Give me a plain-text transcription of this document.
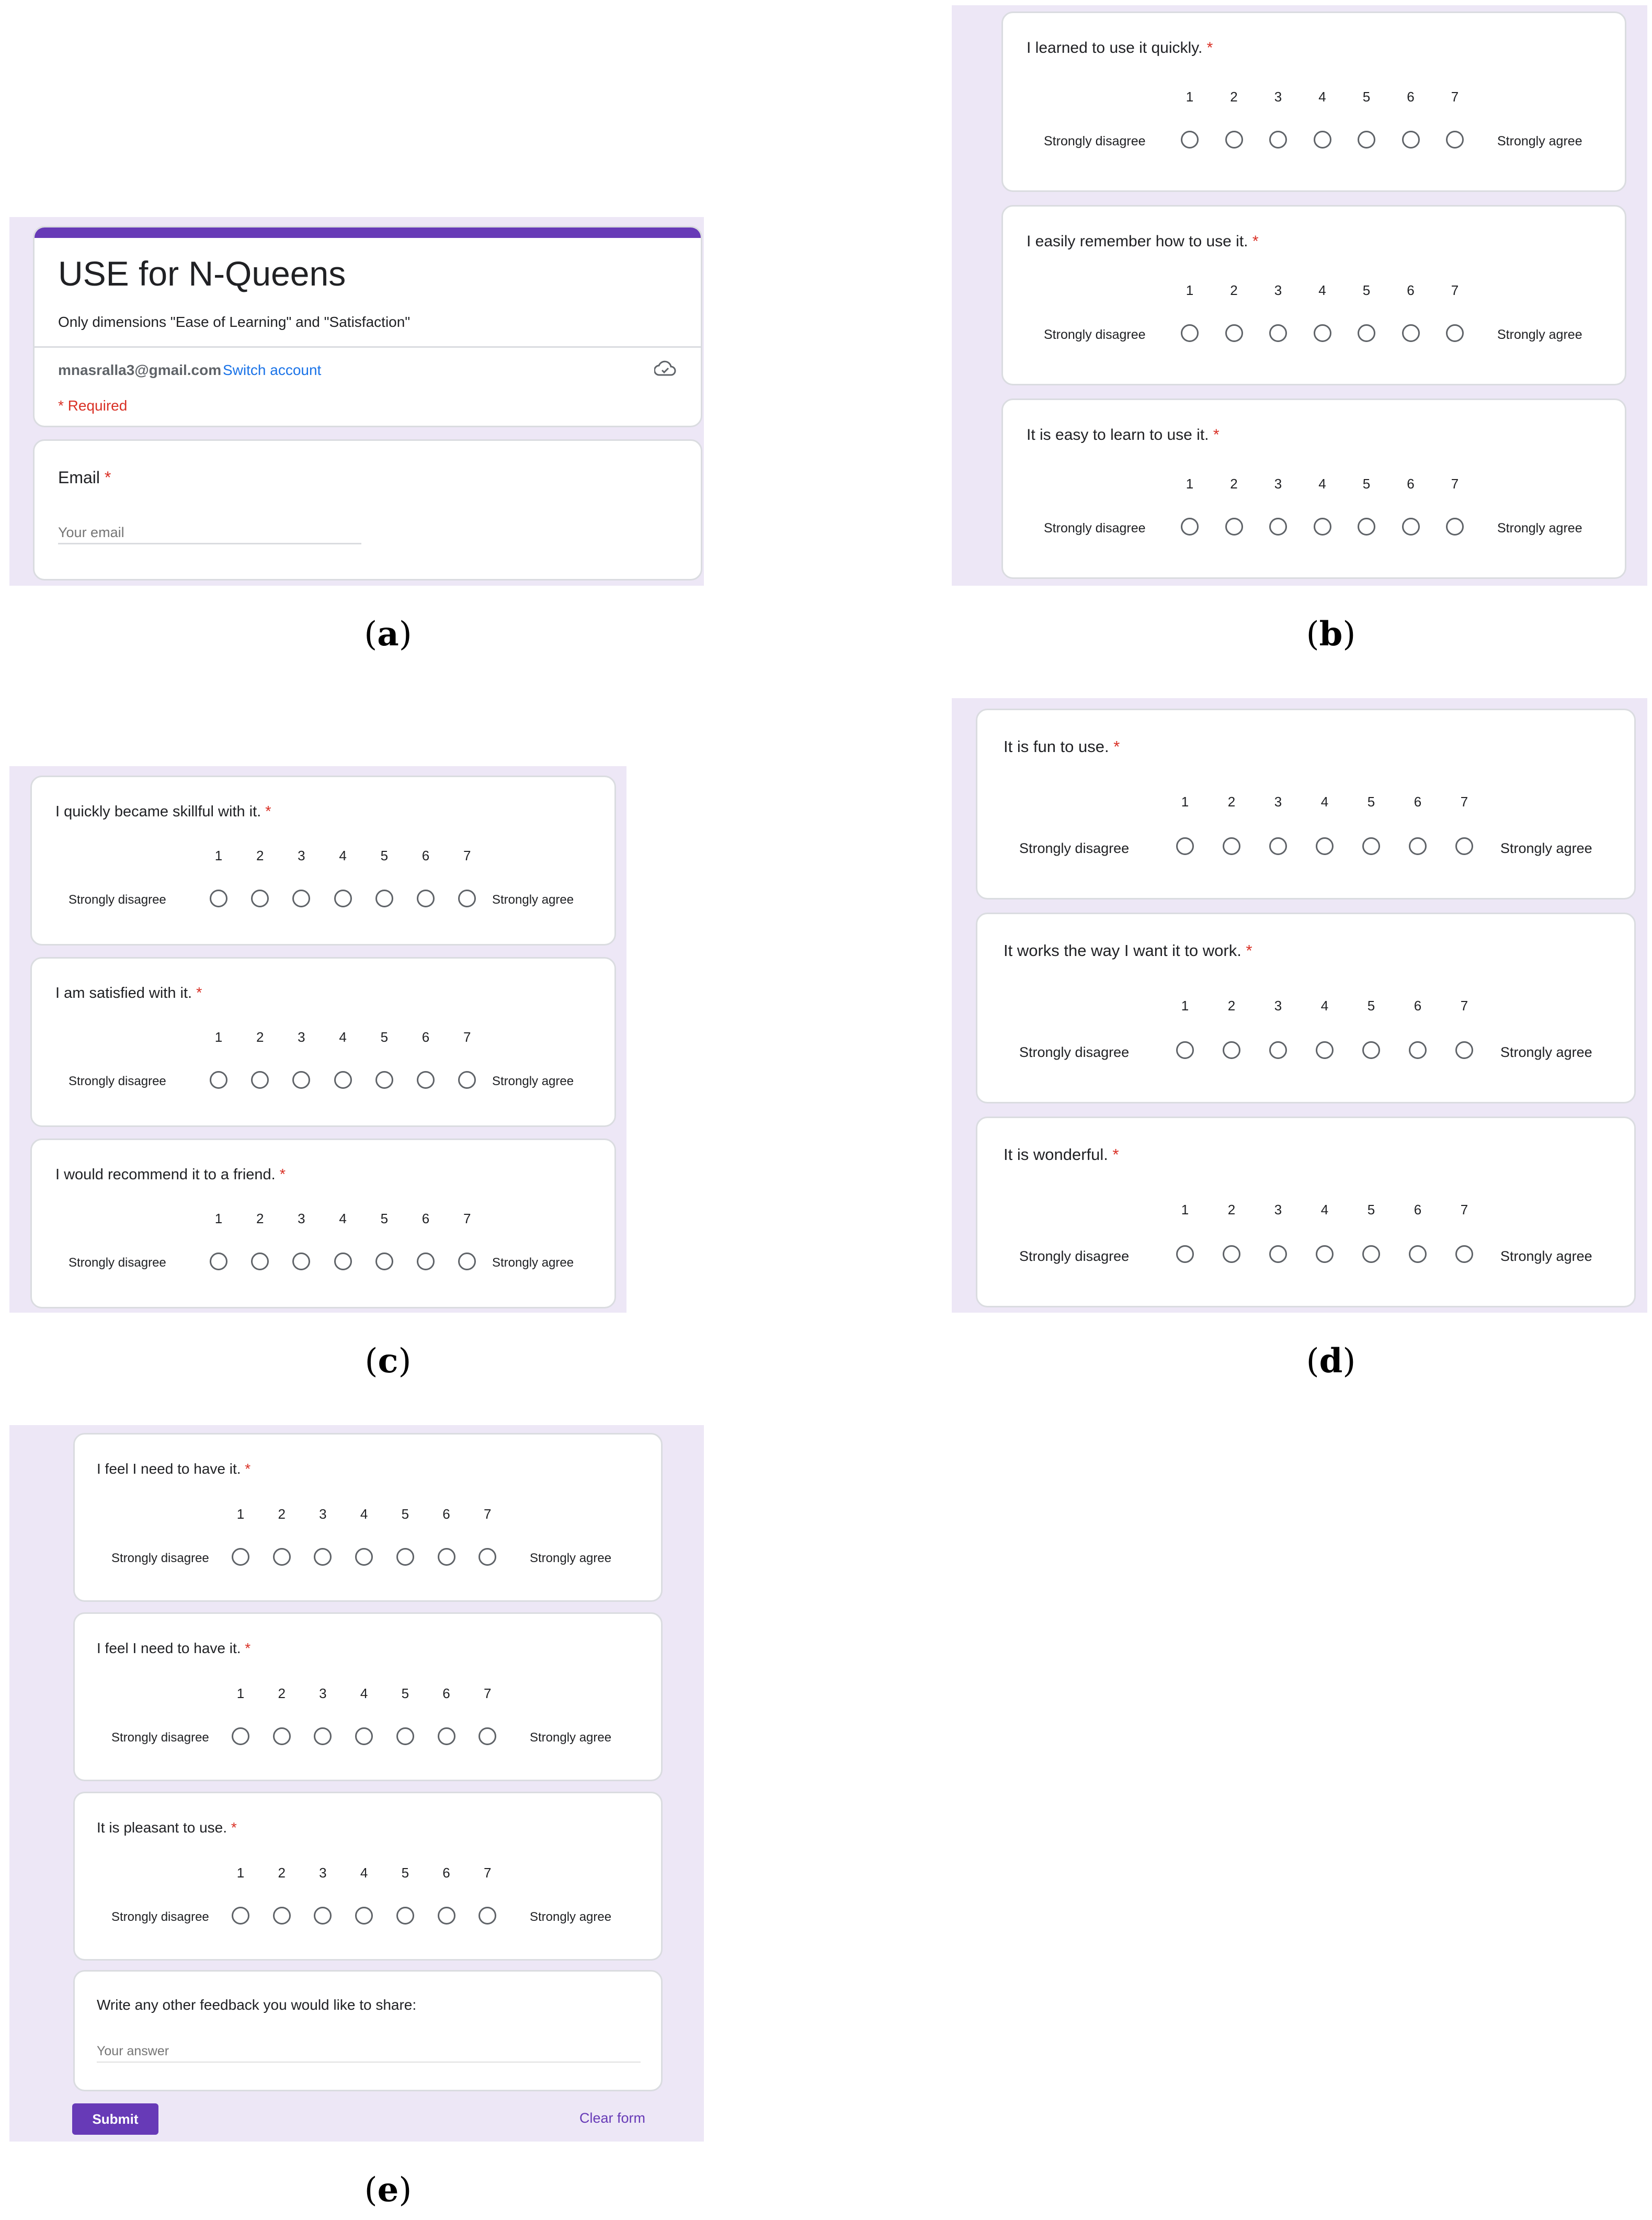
USE for N-Queens
Only dimensions "Ease of Learning" and "Satisfaction"
mnasralla3@gmail.com Switch account
* Required
Email *
Your email
(a)	(b)
(c)	(d)
Write any other feedback you would like to share:
Your answer
Submit	Clear form
(e)
I learned to use it quickly. *
1	2	3	4	5	6	7
Strongly disagree	Strongly agree
I easily remember how to use it. *
1	2	3	4	5	6	7
Strongly disagree	Strongly agree
It is easy to learn to use it. *
1	2	3	4	5	6	7
Strongly disagree	Strongly agree
I quickly became skillful with it. *
1	2	3	4	5	6	7
Strongly disagree	Strongly agree
I am satisfied with it. *
1	2	3	4	5	6	7
Strongly disagree	Strongly agree
I would recommend it to a friend. *
1	2	3	4	5	6	7
Strongly disagree	Strongly agree
It is fun to use. *
1	2	3	4	5	6	7
Strongly disagree	Strongly agree
It works the way I want it to work. *
1	2	3	4	5	6	7
Strongly disagree	Strongly agree
It is wonderful. *
1	2	3	4	5	6	7
Strongly disagree	Strongly agree
I feel I need to have it. *
1	2	3	4	5	6	7
Strongly disagree	Strongly agree
I feel I need to have it. *
1	2	3	4	5	6	7
Strongly disagree	Strongly agree
It is pleasant to use. *
1	2	3	4	5	6	7
Strongly disagree	Strongly agree
